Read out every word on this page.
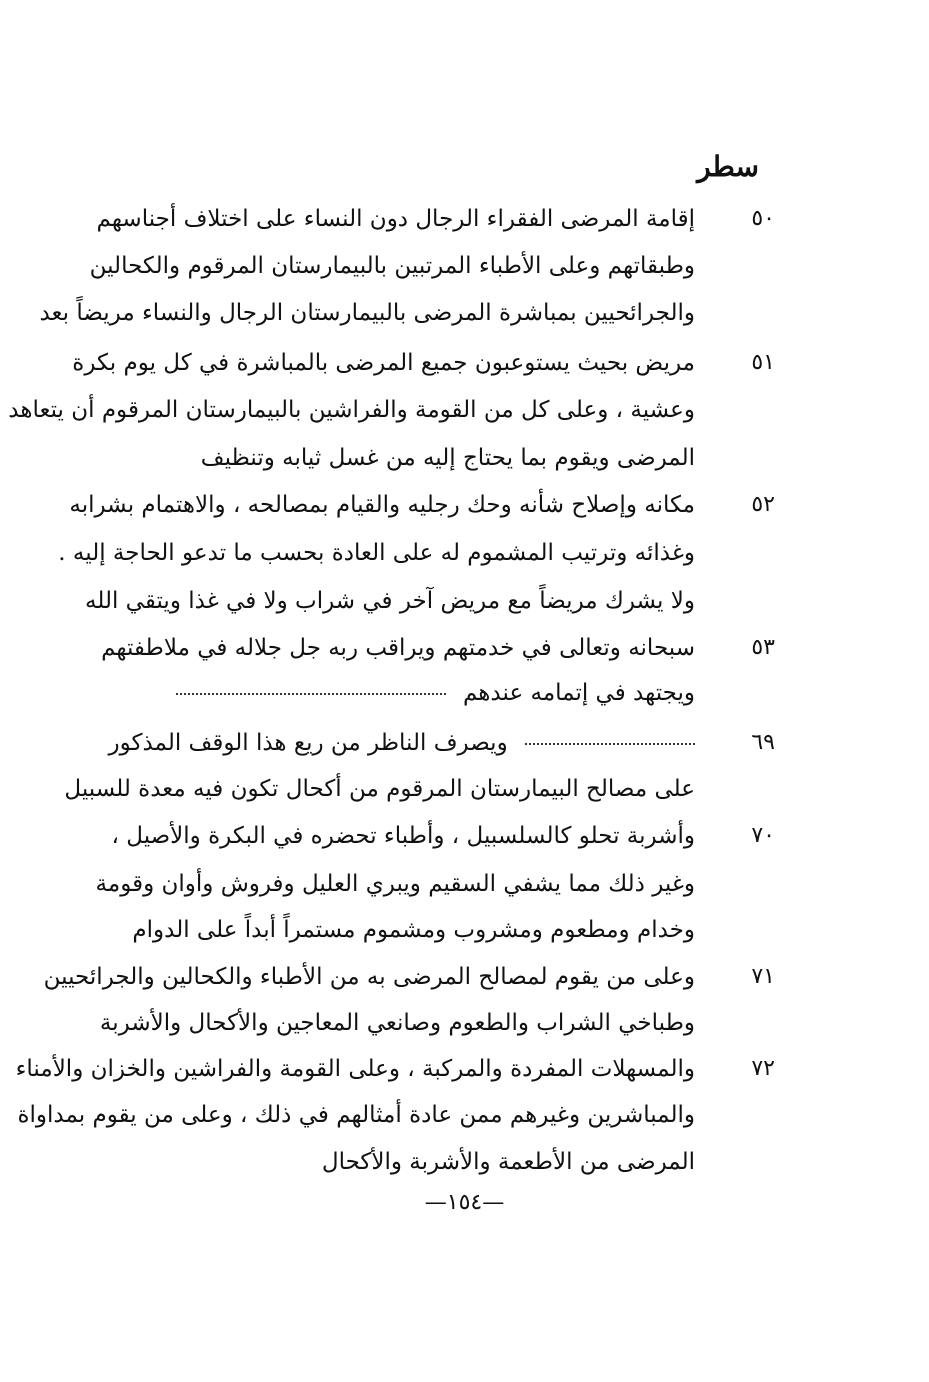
سطر
٥٠
إقامة المرضى الفقراء الرجال دون النساء على اختلاف أجناسهم
وطبقاتهم وعلى الأطباء المرتبين بالبيمارستان المرقوم والكحالين
والجرائحيين بمباشرة المرضى بالبيمارستان الرجال والنساء مريضاً بعد
٥١
مريض بحيث يستوعبون جميع المرضى بالمباشرة في كل يوم بكرة
وعشية ، وعلى كل من القومة والفراشين بالبيمارستان المرقوم أن يتعاهد
المرضى ويقوم بما يحتاج إليه من غسل ثيابه وتنظيف
٥٢
مكانه وإصلاح شأنه وحك رجليه والقيام بمصالحه ، والاهتمام بشرابه
وغذائه وترتيب المشموم له على العادة بحسب ما تدعو الحاجة إليه .
ولا يشرك مريضاً مع مريض آخر في شراب ولا في غذا ويتقي الله
٥٣
سبحانه وتعالى في خدمتهم ويراقب ربه جل جلاله في ملاطفتهم
ويجتهد في إتمامه عندهم
٦٩
ويصرف الناظر من ريع هذا الوقف المذكور
على مصالح البيمارستان المرقوم من أكحال تكون فيه معدة للسبيل
٧٠
وأشربة تحلو كالسلسبيل ، وأطباء تحضره في البكرة والأصيل ،
وغير ذلك مما يشفي السقيم ويبري العليل وفروش وأوان وقومة
وخدام ومطعوم ومشروب ومشموم مستمراً أبداً على الدوام
٧١
وعلى من يقوم لمصالح المرضى به من الأطباء والكحالين والجرائحيين
وطباخي الشراب والطعوم وصانعي المعاجين والأكحال والأشربة
٧٢
والمسهلات المفردة والمركبة ، وعلى القومة والفراشين والخزان والأمناء
والمباشرين وغيرهم ممن عادة أمثالهم في ذلك ، وعلى من يقوم بمداواة
المرضى من الأطعمة والأشربة والأكحال
—١٥٤—
